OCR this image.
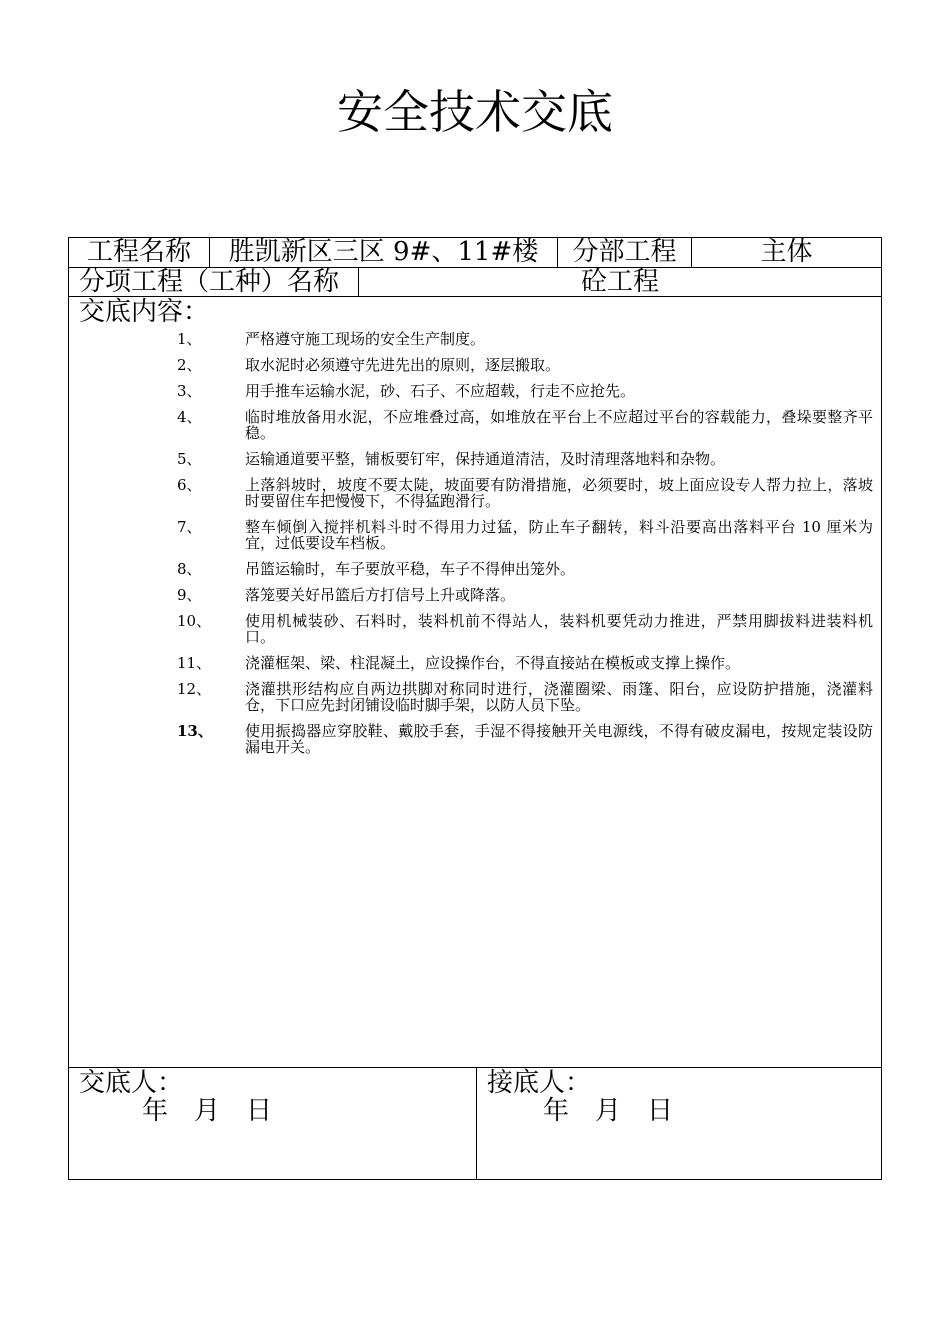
安全技术交底
工程名称	胜凯新区三区 9#、11#楼	分部工程	主体
分项工程（工种）名称	砼工程
交底内容：
1、	严格遵守施工现场的安全生产制度。
2、	取水泥时必须遵守先进先出的原则，逐层搬取。
3、	用手推车运输水泥，砂、石子、不应超载，行走不应抢先。
4、	临时堆放备用水泥，不应堆叠过高，如堆放在平台上不应超过平台的容载能力，叠垛要整齐平稳。
5、	运输通道要平整，铺板要钉牢，保持通道清洁，及时清理落地料和杂物。
6、	上落斜坡时，坡度不要太陡，坡面要有防滑措施，必须要时，坡上面应设专人帮力拉上，落坡时要留住车把慢慢下，不得猛跑滑行。
7、	整车倾倒入搅拌机料斗时不得用力过猛，防止车子翻转，料斗沿要高出落料平台 10 厘米为宜，过低要设车档板。
8、	吊篮运输时，车子要放平稳，车子不得伸出笼外。
9、	落笼要关好吊篮后方打信号上升或降落。
10、	使用机械装砂、石料时，装料机前不得站人，装料机要凭动力推进，严禁用脚拔料进装料机口。
11、	浇灌框架、梁、柱混凝土，应设操作台，不得直接站在模板或支撑上操作。
12、	浇灌拱形结构应自两边拱脚对称同时进行，浇灌圈梁、雨篷、阳台，应设防护措施，浇灌料仓，下口应先封闭铺设临时脚手架，以防人员下坠。
13、	使用振捣器应穿胶鞋、戴胶手套，手湿不得接触开关电源线，不得有破皮漏电，按规定装设防漏电开关。
交底人：
年 月 日
接底人：
年 月 日
